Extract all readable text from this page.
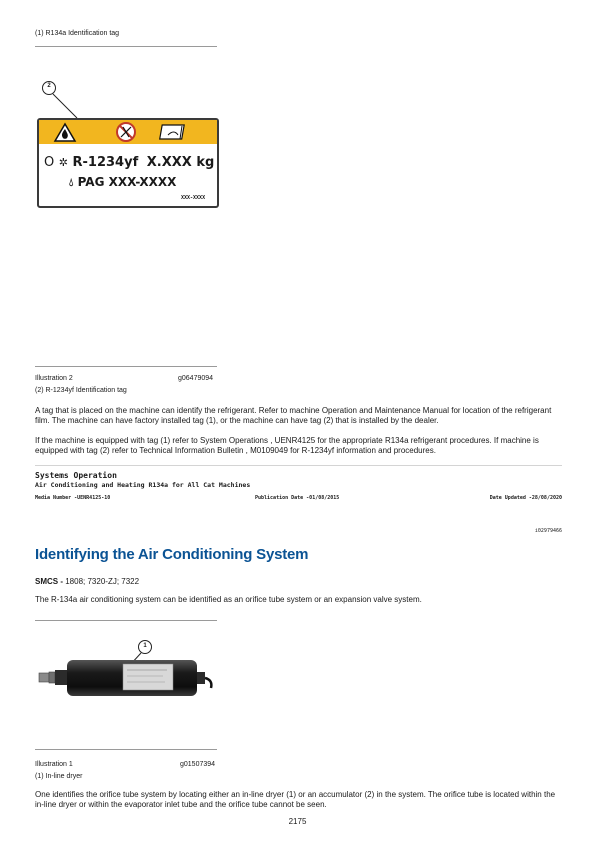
(1) R134a Identification tag
O ✲ R-1234yf X.XXX kg
💧︎ PAG XXX-XXXX
XXX-XXXX
2
Illustration 2	g06479094
(2) R-1234yf Identification tag
A tag that is placed on the machine can identify the refrigerant. Refer to machine Operation and Maintenance Manual for location of the refrigerant film. The machine can have factory installed tag (1), or the machine can have tag (2) that is installed by the dealer.
If the machine is equipped with tag (1) refer to System Operations , UENR4125 for the appropriate R134a refrigerant procedures. If machine is equipped with tag (2) refer to Technical Information Bulletin , M0109049 for R-1234yf information and procedures.
Systems Operation
Air Conditioning and Heating R134a for All Cat Machines
Media Number -UENR4125-10	Publication Date -01/08/2015	Date Updated -28/08/2020
i02979466
Identifying the Air Conditioning System
SMCS - 1808; 7320-ZJ; 7322
The R-134a air conditioning system can be identified as an orifice tube system or an expansion valve system.
1
Illustration 1	g01507394
(1) In-line dryer
One identifies the orifice tube system by locating either an in-line dryer (1) or an accumulator (2) in the system. The orifice tube is located within the in-line dryer or within the evaporator inlet tube and the orifice tube cannot be seen.
2175
